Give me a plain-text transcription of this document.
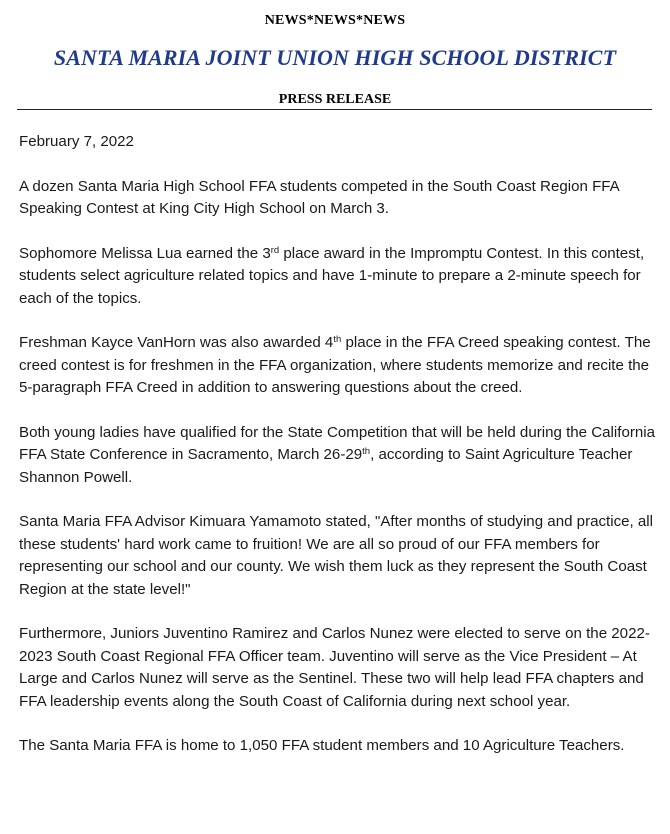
NEWS*NEWS*NEWS
SANTA MARIA JOINT UNION HIGH SCHOOL DISTRICT
PRESS RELEASE

February 7, 2022

A dozen Santa Maria High School FFA students competed in the South Coast Region FFA Speaking Contest at King City High School on March 3.

Sophomore Melissa Lua earned the 3rd place award in the Impromptu Contest. In this contest, students select agriculture related topics and have 1-minute to prepare a 2-minute speech for each of the topics.

Freshman Kayce VanHorn was also awarded 4th place in the FFA Creed speaking contest. The creed contest is for freshmen in the FFA organization, where students memorize and recite the 5-paragraph FFA Creed in addition to answering questions about the creed.

Both young ladies have qualified for the State Competition that will be held during the California FFA State Conference in Sacramento, March 26-29th, according to Saint Agriculture Teacher Shannon Powell.

Santa Maria FFA Advisor Kimuara Yamamoto stated, "After months of studying and practice, all these students' hard work came to fruition! We are all so proud of our FFA members for representing our school and our county. We wish them luck as they represent the South Coast Region at the state level!"

Furthermore, Juniors Juventino Ramirez and Carlos Nunez were elected to serve on the 2022-2023 South Coast Regional FFA Officer team. Juventino will serve as the Vice President – At Large and Carlos Nunez will serve as the Sentinel. These two will help lead FFA chapters and FFA leadership events along the South Coast of California during next school year.

The Santa Maria FFA is home to 1,050 FFA student members and 10 Agriculture Teachers.
